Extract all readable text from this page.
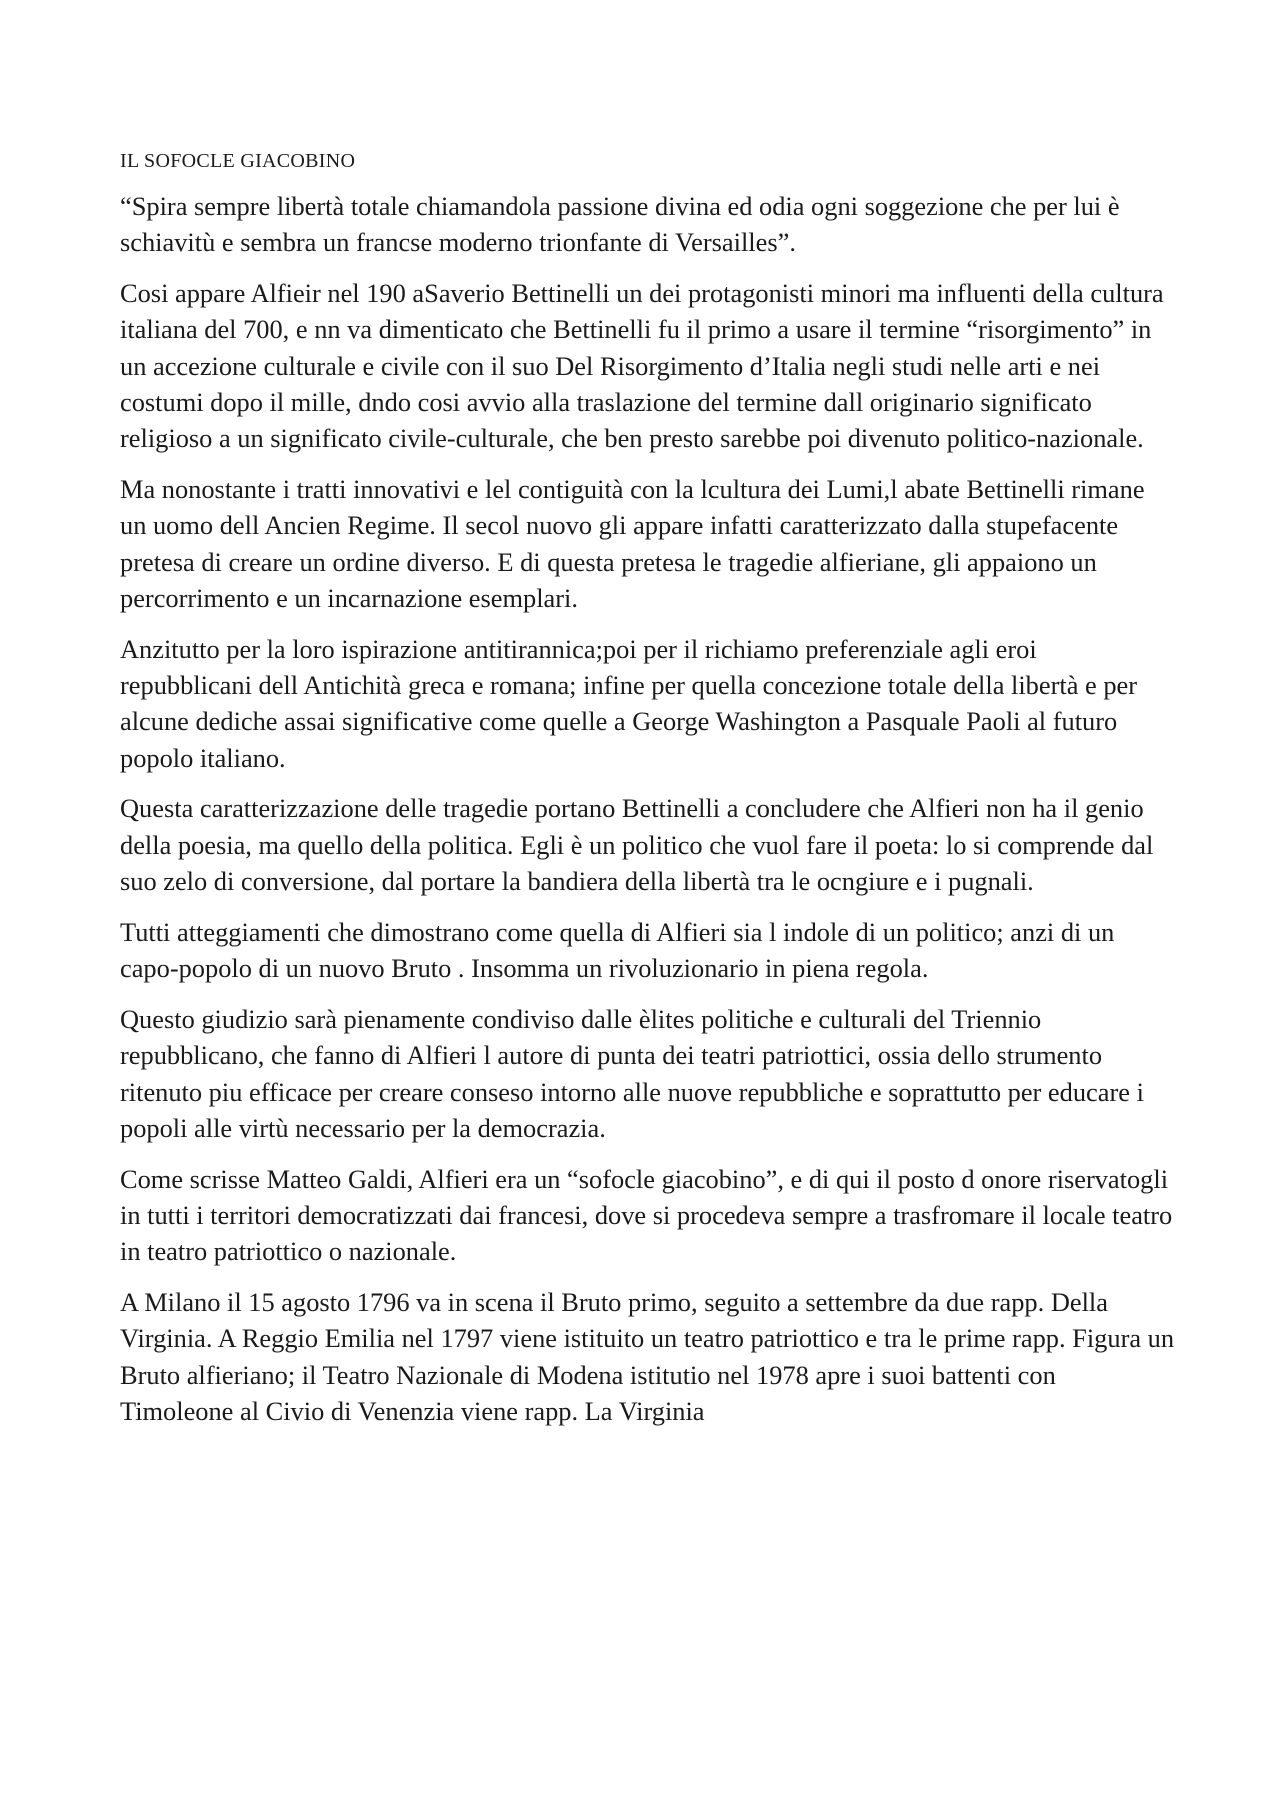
IL SOFOCLE GIACOBINO

“Spira sempre libertà totale chiamandola passione divina ed odia ogni soggezione che per lui è schiavitù e sembra un francse moderno trionfante di Versailles”.

Cosi appare Alfieir nel 190 aSaverio Bettinelli un dei protagonisti minori ma influenti della cultura italiana del 700, e nn va dimenticato che Bettinelli fu il primo a usare il termine “risorgimento” in un accezione culturale e civile con il suo Del Risorgimento d’Italia negli studi nelle arti e nei costumi dopo il mille, dndo cosi avvio alla traslazione del termine dall originario significato religioso a un significato civile-culturale, che ben presto sarebbe poi divenuto politico-nazionale.

Ma nonostante i tratti innovativi e lel contiguità con la lcultura dei Lumi,l abate Bettinelli rimane un uomo dell Ancien Regime. Il secol nuovo gli appare infatti caratterizzato dalla stupefacente pretesa di creare un ordine diverso. E di questa pretesa le tragedie alfieriane, gli appaiono un percorrimento e un incarnazione esemplari.

Anzitutto per la loro ispirazione antitirannica;poi per il richiamo preferenziale agli eroi repubblicani dell Antichità greca e romana; infine per quella concezione totale della libertà e per alcune dediche assai significative come quelle a George Washington a Pasquale Paoli al futuro popolo italiano.

Questa caratterizzazione delle tragedie portano Bettinelli a concludere che Alfieri non ha il genio della poesia, ma quello della politica. Egli è un politico che vuol fare il poeta: lo si comprende dal suo zelo di conversione, dal portare la bandiera della libertà tra le ocngiure e i pugnali.

Tutti atteggiamenti che dimostrano come quella di Alfieri sia l indole di un politico; anzi di un capo-popolo di un nuovo Bruto . Insomma un rivoluzionario in piena regola.

Questo giudizio sarà pienamente condiviso dalle èlites politiche e culturali del Triennio repubblicano, che fanno di Alfieri l autore di punta dei teatri patriottici, ossia dello strumento ritenuto piu efficace per creare conseso intorno alle nuove repubbliche e soprattutto per educare i popoli alle virtù necessario per la democrazia.

Come scrisse Matteo Galdi, Alfieri era un “sofocle giacobino”, e di qui il posto d onore riservatogli in tutti i territori democratizzati dai francesi, dove si procedeva sempre a trasfromare il locale teatro in teatro patriottico o nazionale.

A Milano il 15 agosto 1796 va in scena il Bruto primo, seguito a settembre da due rapp. Della Virginia. A Reggio Emilia nel 1797 viene istituito un teatro patriottico e tra le prime rapp. Figura un Bruto alfieriano; il Teatro Nazionale di Modena istitutio nel 1978 apre i suoi battenti con Timoleone al Civio di Venenzia viene rapp. La Virginia
